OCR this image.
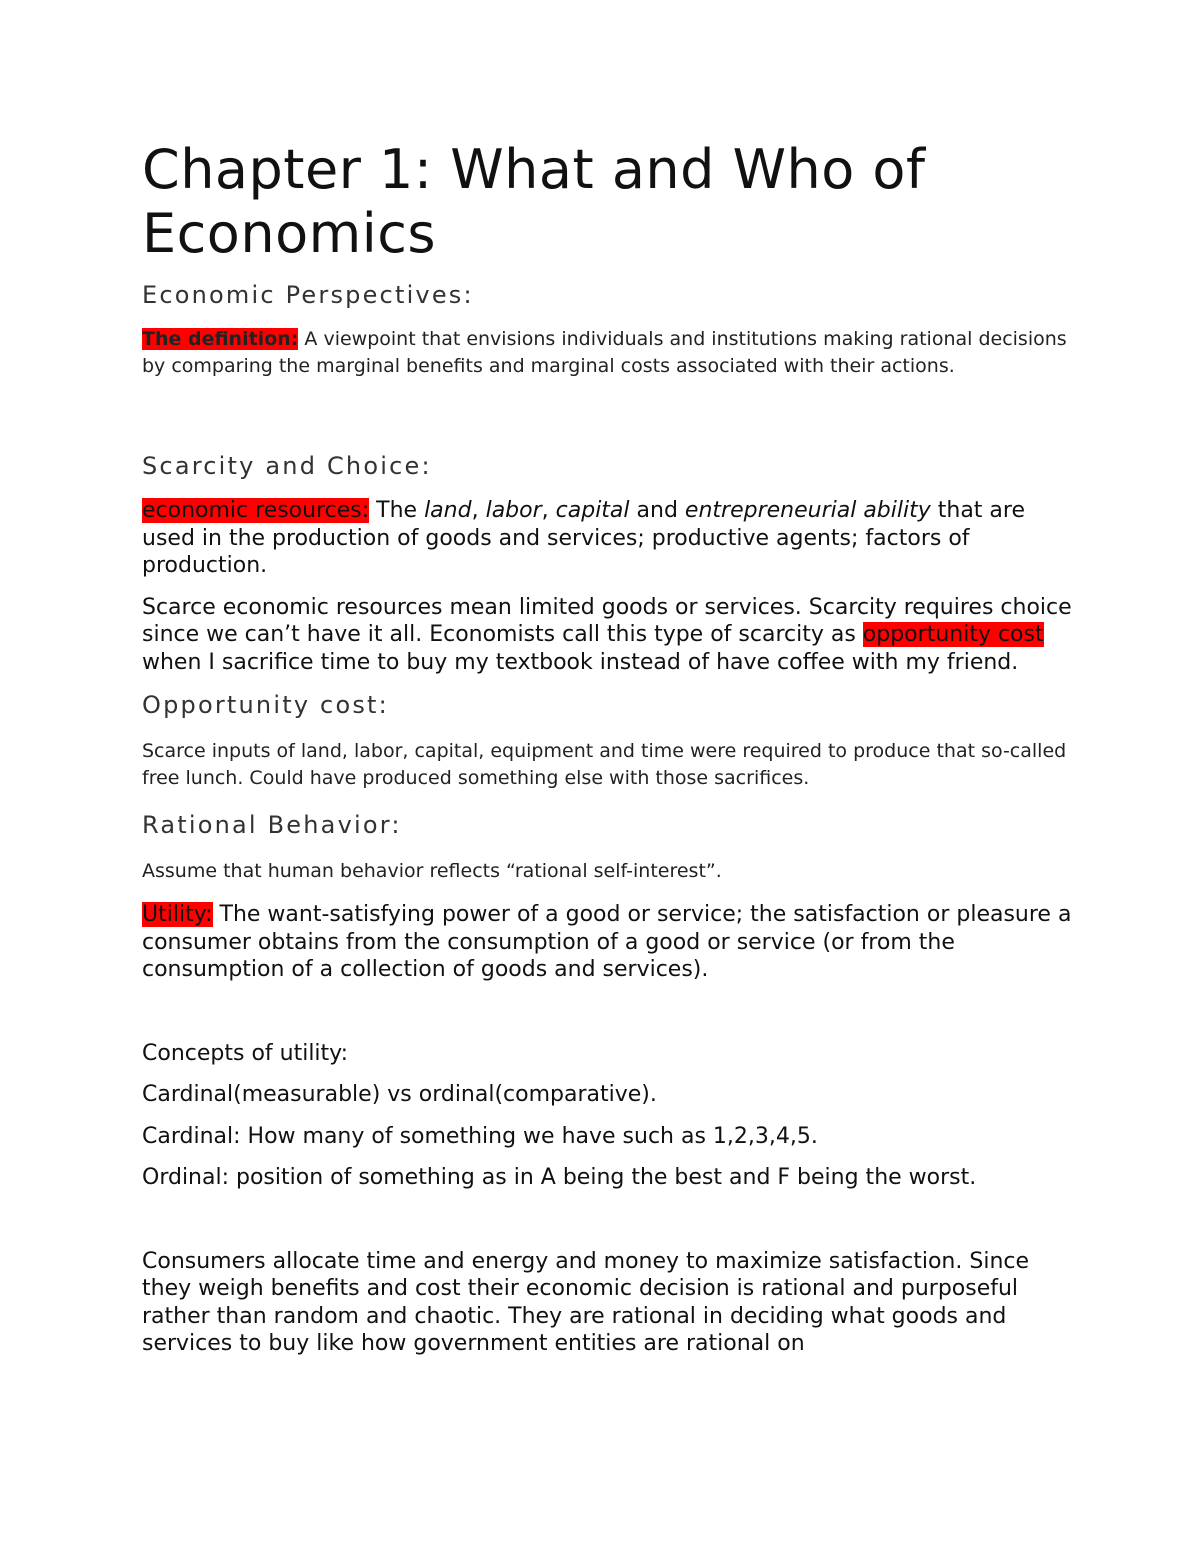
Chapter 1: What and Who of Economics
Economic Perspectives:

The definition: A viewpoint that envisions individuals and institutions making rational decisions by comparing the marginal benefits and marginal costs associated with their actions.

Scarcity and Choice:

economic resources: The land, labor, capital and entrepreneurial ability that are used in the production of goods and services; productive agents; factors of production.

Scarce economic resources mean limited goods or services. Scarcity requires choice since we can’t have it all. Economists call this type of scarcity as opportunity cost when I sacrifice time to buy my textbook instead of have coffee with my friend.

Opportunity cost:

Scarce inputs of land, labor, capital, equipment and time were required to produce that so-called free lunch. Could have produced something else with those sacrifices.

Rational Behavior:

Assume that human behavior reflects “rational self-interest”.

Utility: The want-satisfying power of a good or service; the satisfaction or pleasure a consumer obtains from the consumption of a good or service (or from the consumption of a collection of goods and services).

Concepts of utility:

Cardinal(measurable) vs ordinal(comparative).

Cardinal: How many of something we have such as 1,2,3,4,5.

Ordinal: position of something as in A being the best and F being the worst.

Consumers allocate time and energy and money to maximize satisfaction. Since they weigh benefits and cost their economic decision is rational and purposeful rather than random and chaotic. They are rational in deciding what goods and services to buy like how government entities are rational on
